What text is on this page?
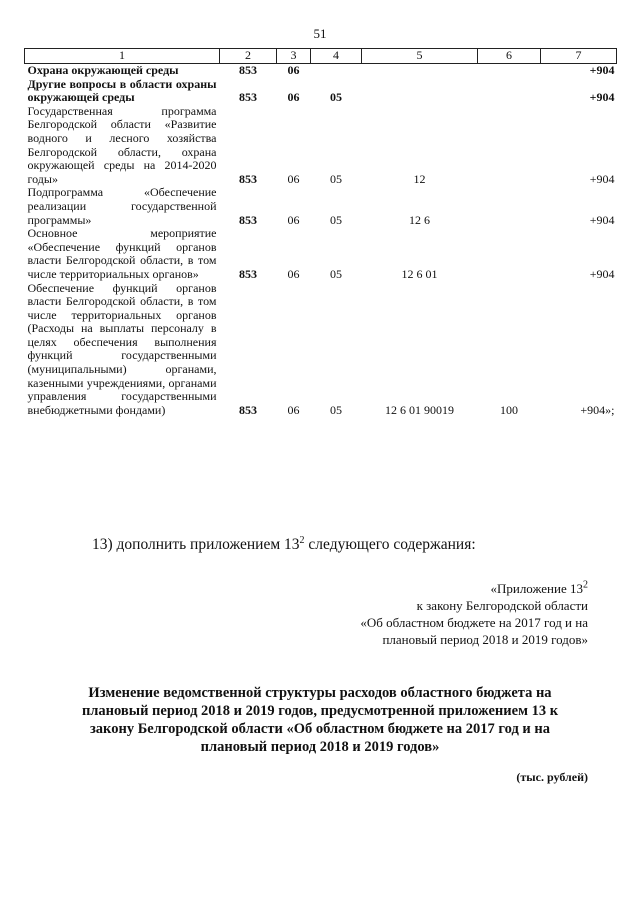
51
1	2	3	4	5	6	7
Охрана окружающей среды	853	06				+904
Другие вопросы в области охраны окружающей среды	853	06	05			+904
Государственная программа Белгородской области «Развитие водного и лесного хозяйства Белгородской области, охрана окружающей среды на 2014-2020 годы»	853	06	05	12		+904
Подпрограмма «Обеспечение реализации государственной программы»	853	06	05	12 6		+904
Основное мероприятие «Обеспечение функций органов власти Белгородской области, в том числе территориальных органов»	853	06	05	12 6 01		+904
Обеспечение функций органов власти Белгородской области, в том числе территориальных органов (Расходы на выплаты персоналу в целях обеспечения выполнения функций государственными (муниципальными) органами, казенными учреждениями, органами управления государственными внебюджетными фондами)	853	06	05	12 6 01 90019	100	+904»;
13) дополнить приложением $13^2$ следующего содержания:
«Приложение $13^2$
к закону Белгородской области
«Об областном бюджете на 2017 год и на
плановый период 2018 и 2019 годов»
Изменение ведомственной структуры расходов областного бюджета на плановый период 2018 и 2019 годов, предусмотренной приложением 13 к закону Белгородской области «Об областном бюджете на 2017 год и на плановый период 2018 и 2019 годов»
(тыс. рублей)
